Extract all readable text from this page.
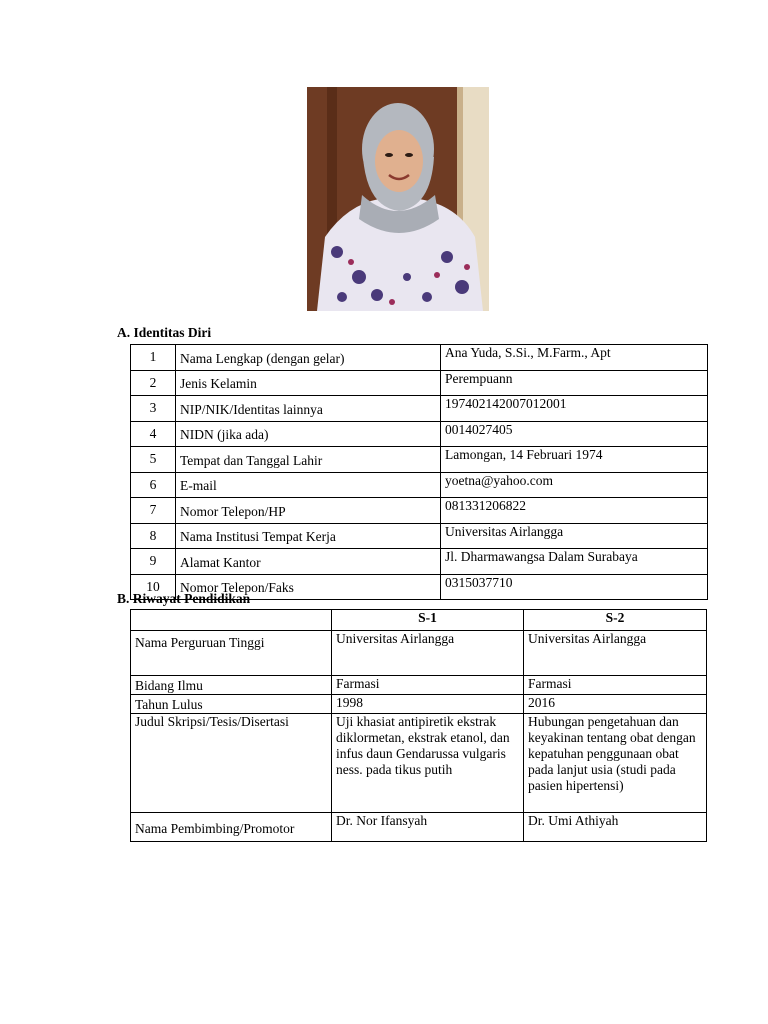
A. Identitas Diri
1	Nama Lengkap (dengan gelar)	Ana Yuda, S.Si., M.Farm., Apt
2	Jenis Kelamin	Perempuann
3	NIP/NIK/Identitas lainnya	197402142007012001
4	NIDN (jika ada)	0014027405
5	Tempat dan Tanggal Lahir	Lamongan, 14 Februari 1974
6	E-mail	yoetna@yahoo.com
7	Nomor Telepon/HP	081331206822
8	Nama Institusi Tempat Kerja	Universitas Airlangga
9	Alamat Kantor	Jl. Dharmawangsa Dalam Surabaya
10	Nomor Telepon/Faks	0315037710
B. Riwayat Pendidikan
	S-1	S-2
Nama Perguruan Tinggi	Universitas Airlangga	Universitas Airlangga
Bidang Ilmu	Farmasi	Farmasi
Tahun Lulus	1998	2016
Judul Skripsi/Tesis/Disertasi	Uji khasiat antipiretik ekstrak diklormetan, ekstrak etanol, dan infus daun Gendarussa vulgaris ness. pada tikus putih	Hubungan pengetahuan dan keyakinan tentang obat dengan kepatuhan penggunaan obat pada lanjut usia (studi pada pasien hipertensi)
Nama Pembimbing/Promotor	Dr. Nor Ifansyah	Dr. Umi Athiyah
